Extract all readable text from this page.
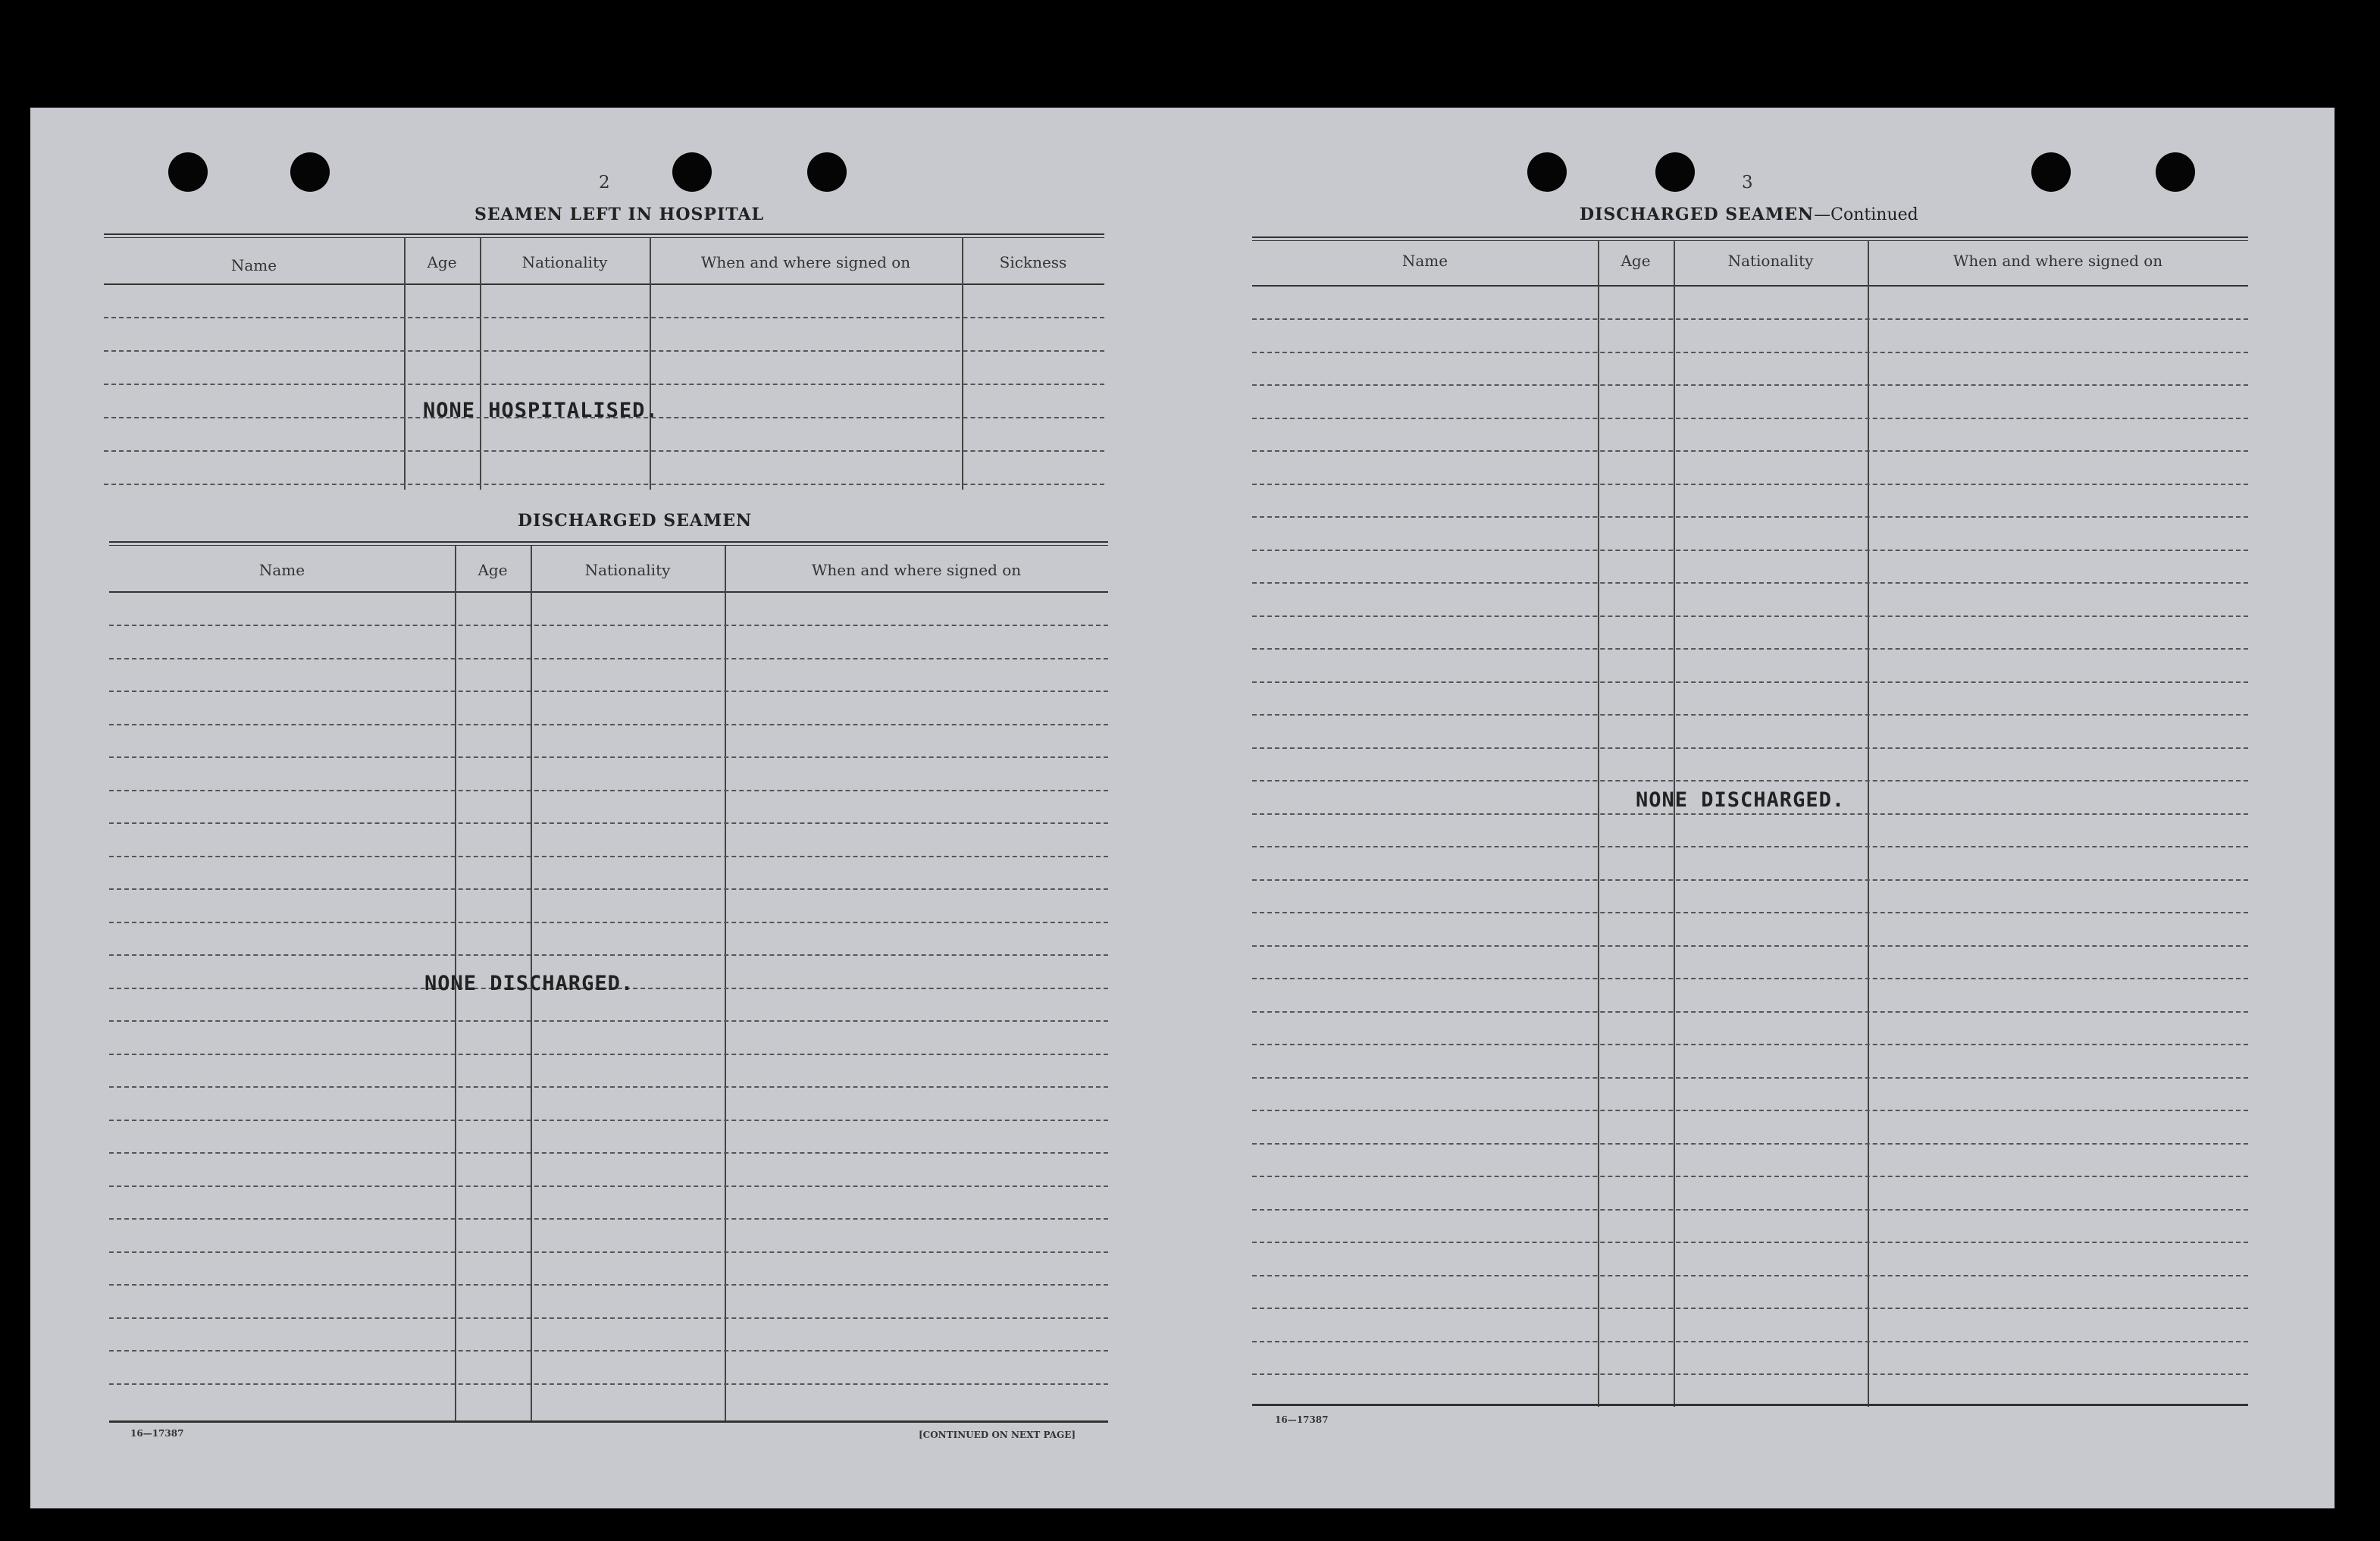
2
SEAMEN LEFT IN HOSPITAL
Name	Age	Nationality	When and where signed on	Sickness
NONE HOSPITALISED.
DISCHARGED SEAMEN
Name	Age	Nationality	When and where signed on
NONE DISCHARGED.
16—17387	[CONTINUED ON NEXT PAGE]
3
DISCHARGED SEAMEN—Continued
Name	Age	Nationality	When and where signed on
NONE DISCHARGED.
16—17387
